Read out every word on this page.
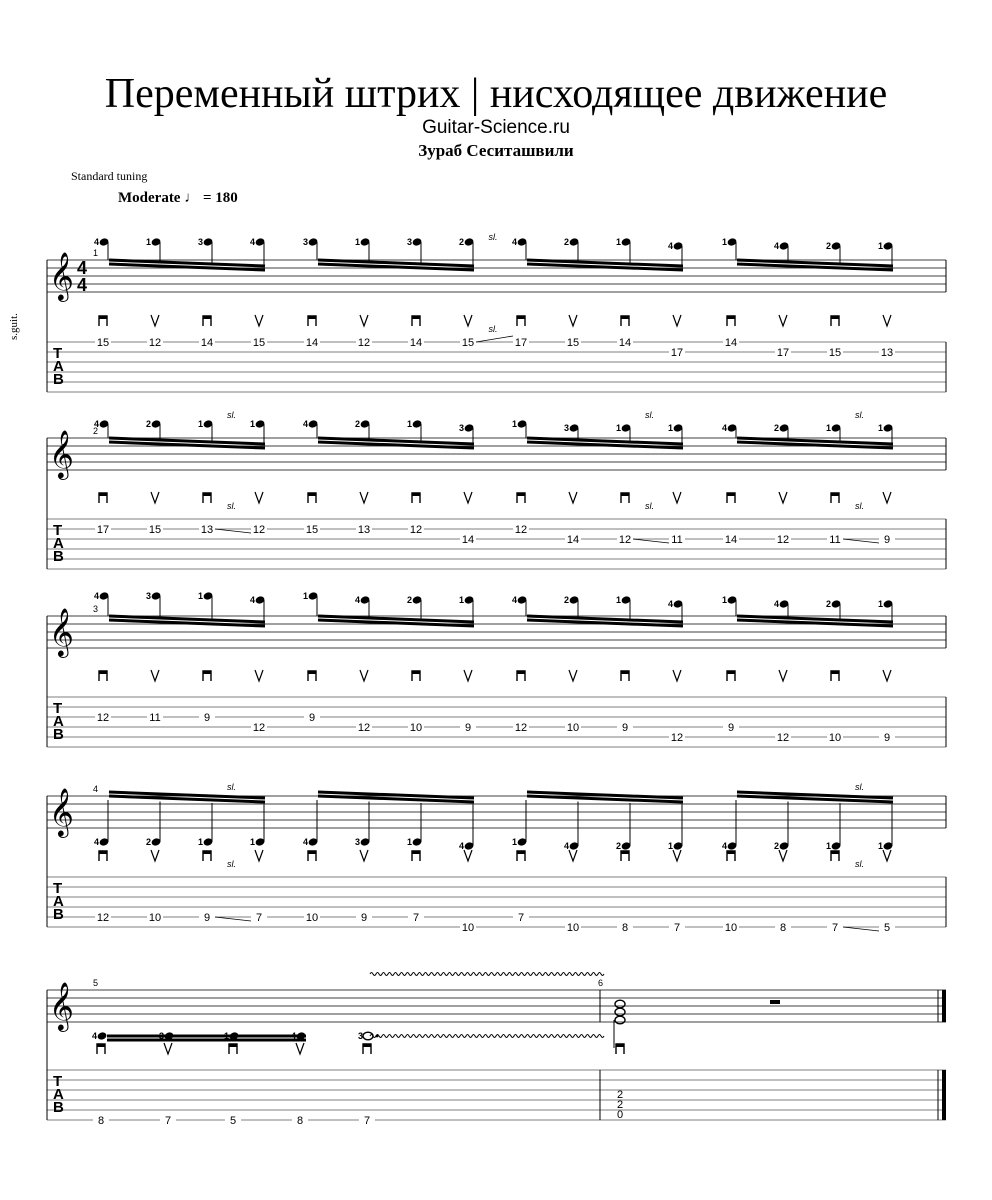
Переменный штрих | нисходящее движение
Guitar-Science.ru
Зураб Сеситашвили
Standard tuning
Moderate ♩ = 180
s.guit.
𝄞
T
A
B
1
4
4
4
15
1
12
3
14
4
15
3
14
1
12
3
14
2
15
4
17
2
15
1
14
4
17
1
14
4
17
2
15
1
13
𝄞
T
A
B
2
4
17
2
15
1
13
1
12
4
15
2
13
1
12
3
14
1
12
3
14
1
12
1
11
4
14
2
12
1
11
1
9
𝄞
T
A
B
3
4
12
3
11
1
9
4
12
1
9
4
12
2
10
1
9
4
12
2
10
1
9
4
12
1
9
4
12
2
10
1
9
𝄞
T
A
B
4
4
12
2
10
1
9
1
7
4
10
3
9
1
7
4
10
1
7
4
10
2
8
1
7
4
10
2
8
1
7
1
5
𝄞
T
A
B
5
4
8
3
7
1
5
4
8
3
7
6
2
2
0
sl.
sl.
sl.
sl.
sl.
sl.
sl.
sl.
sl.
sl.
sl.
sl.
